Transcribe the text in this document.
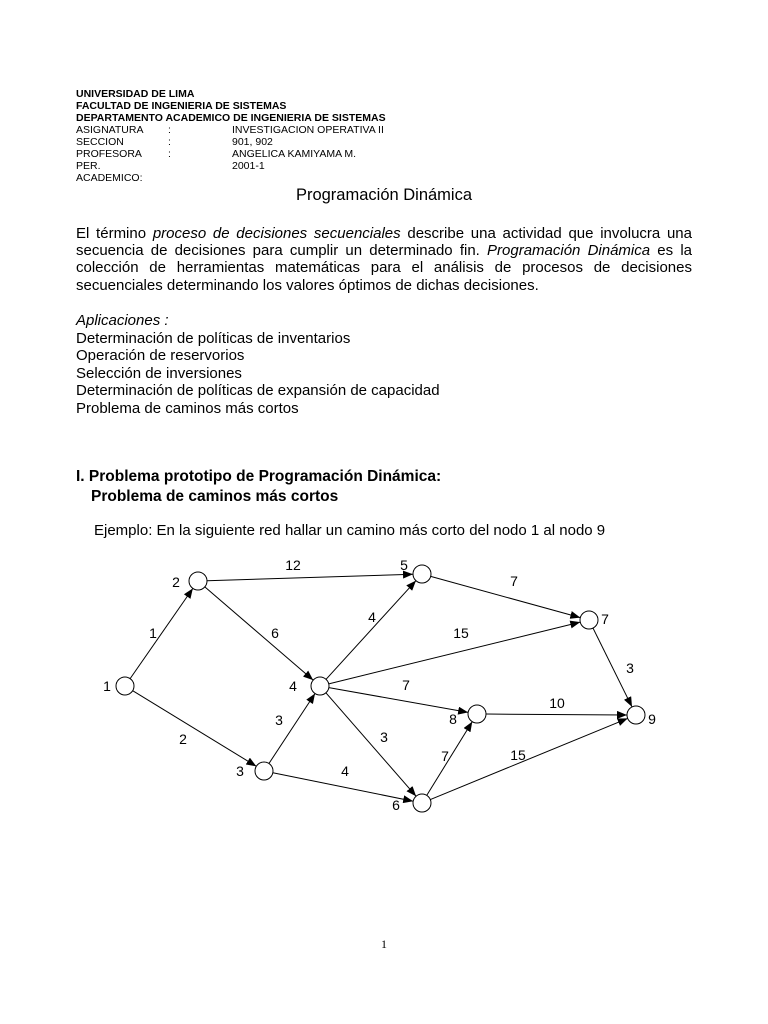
UNIVERSIDAD DE LIMA
FACULTAD DE INGENIERIA DE SISTEMAS
DEPARTAMENTO ACADEMICO DE INGENIERIA DE SISTEMAS
ASIGNATURA	:	INVESTIGACION OPERATIVA II
SECCION	:	901, 902
PROFESORA	:	ANGELICA KAMIYAMA M.
PER. ACADEMICO:
2001-1
Programación Dinámica
El término proceso de decisiones secuenciales describe una actividad que involucra una secuencia de decisiones para cumplir un determinado fin. Programación Dinámica es la colección de herramientas matemáticas para el análisis de procesos de decisiones secuenciales determinando los valores óptimos de dichas decisiones.
Aplicaciones :
Determinación de políticas de inventarios
Operación de reservorios
Selección de inversiones
Determinación de políticas de expansión de capacidad
Problema de caminos más cortos
I. Problema prototipo de Programación Dinámica:
Problema de caminos más cortos
Ejemplo: En la siguiente red hallar un camino más corto del nodo 1 al nodo 9
1
2
3
4
5
6
7
8	9
1
2
12
6
3
4
4
15
7
3
7
7	15
3
10
1
